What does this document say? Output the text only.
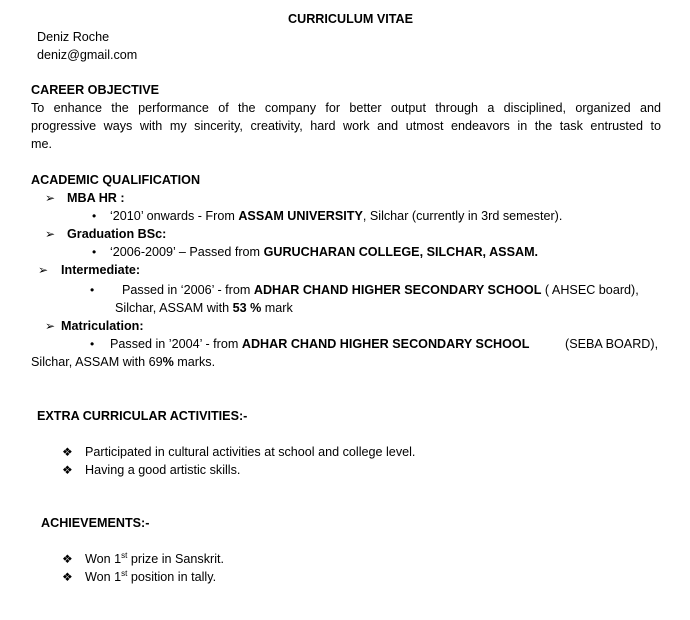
CURRICULUM VITAE
Deniz Roche
deniz@gmail.com
CAREER OBJECTIVE
To enhance the performance of the company for better output through a disciplined, organized and
progressive ways with my sincerity, creativity, hard work and utmost endeavors in the task entrusted to
me.
ACADEMIC QUALIFICATION
➢ MBA HR :
• ‘2010’ onwards - From ASSAM UNIVERSITY, Silchar (currently in 3rd semester).
➢ Graduation BSc:
• ‘2006-2009’ – Passed from GURUCHARAN COLLEGE, SILCHAR, ASSAM.
➢ Intermediate:
• Passed in ‘2006’ - from ADHAR CHAND HIGHER SECONDARY SCHOOL ( AHSEC board),
Silchar, ASSAM with 53 % mark
➢ Matriculation:
• Passed in ’2004’ - from ADHAR CHAND HIGHER SECONDARY SCHOOL	(SEBA BOARD),
Silchar, ASSAM with 69% marks.
EXTRA CURRICULAR ACTIVITIES:-
❖ Participated in cultural activities at school and college level.
❖ Having a good artistic skills.
ACHIEVEMENTS:-
❖ Won 1st prize in Sanskrit.
❖ Won 1st position in tally.
